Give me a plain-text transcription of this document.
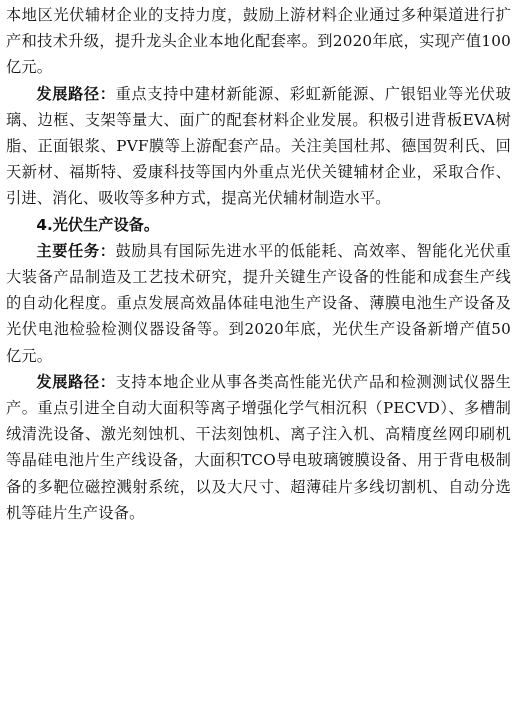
本地区光伏辅材企业的支持力度，鼓励上游材料企业通过多种渠道进行扩产和技术升级，提升龙头企业本地化配套率。到2020年底，实现产值100亿元。

发展路径：重点支持中建材新能源、彩虹新能源、广银铝业等光伏玻璃、边框、支架等量大、面广的配套材料企业发展。积极引进背板EVA树脂、正面银浆、PVF膜等上游配套产品。关注美国杜邦、德国贺利氏、回天新材、福斯特、爱康科技等国内外重点光伏关键辅材企业，采取合作、引进、消化、吸收等多种方式，提高光伏辅材制造水平。

4.光伏生产设备。

主要任务：鼓励具有国际先进水平的低能耗、高效率、智能化光伏重大装备产品制造及工艺技术研究，提升关键生产设备的性能和成套生产线的自动化程度。重点发展高效晶体硅电池生产设备、薄膜电池生产设备及光伏电池检验检测仪器设备等。到2020年底，光伏生产设备新增产值50亿元。

发展路径：支持本地企业从事各类高性能光伏产品和检测测试仪器生产。重点引进全自动大面积等离子增强化学气相沉积（PECVD）、多槽制绒清洗设备、激光刻蚀机、干法刻蚀机、离子注入机、高精度丝网印刷机等晶硅电池片生产线设备，大面积TCO导电玻璃镀膜设备、用于背电极制备的多靶位磁控溅射系统，以及大尺寸、超薄硅片多线切割机、自动分选机等硅片生产设备。
